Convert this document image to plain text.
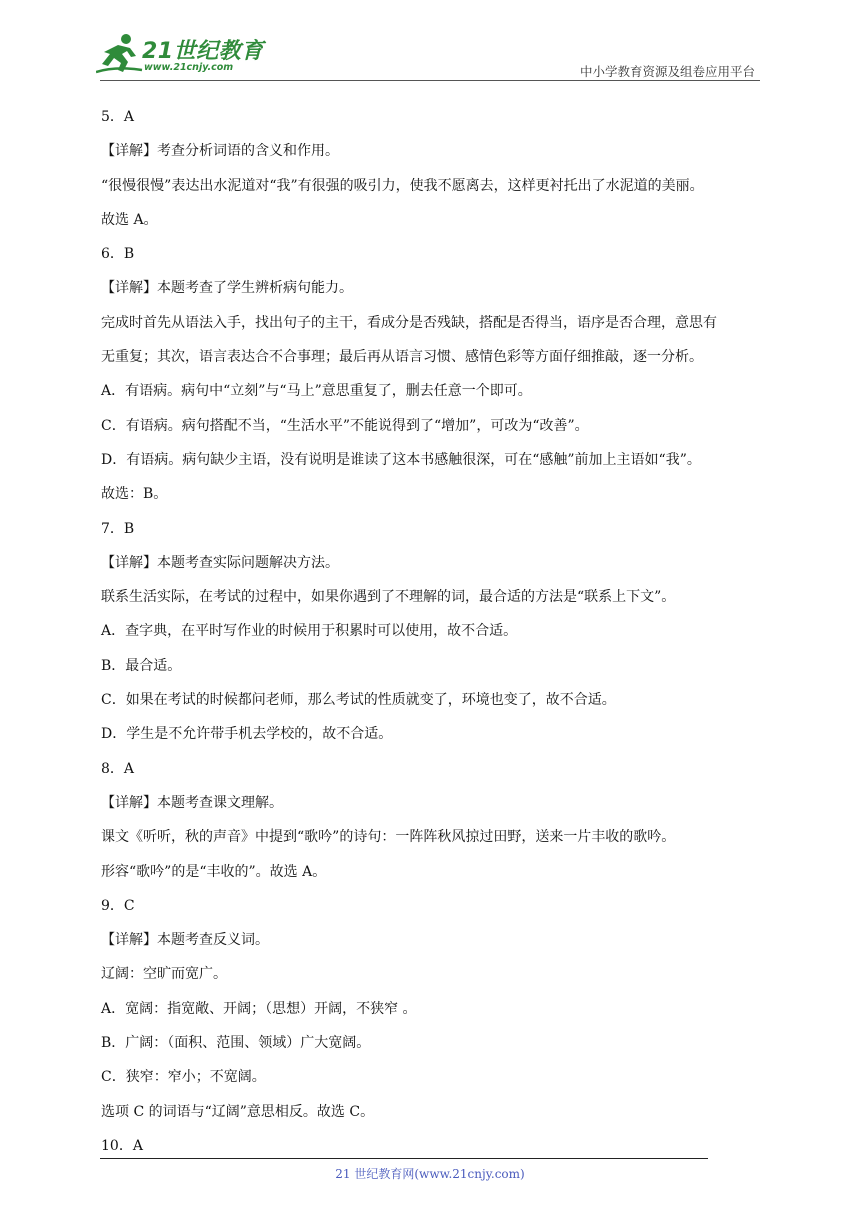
21世纪教育
www.21cnjy.com	中小学教育资源及组卷应用平台
5．A
【详解】考查分析词语的含义和作用。
“很慢很慢”表达出水泥道对“我”有很强的吸引力，使我不愿离去，这样更衬托出了水泥道的美丽。
故选 A。
6．B
【详解】本题考查了学生辨析病句能力。
完成时首先从语法入手，找出句子的主干，看成分是否残缺，搭配是否得当，语序是否合理，意思有
无重复；其次，语言表达合不合事理；最后再从语言习惯、感情色彩等方面仔细推敲，逐一分析。
A．有语病。病句中“立刻”与“马上”意思重复了，删去任意一个即可。
C．有语病。病句搭配不当，“生活水平”不能说得到了“增加”，可改为“改善”。
D．有语病。病句缺少主语，没有说明是谁读了这本书感触很深，可在“感触”前加上主语如“我”。
故选：B。
7．B
【详解】本题考查实际问题解决方法。
联系生活实际，在考试的过程中，如果你遇到了不理解的词，最合适的方法是“联系上下文”。
A．查字典，在平时写作业的时候用于积累时可以使用，故不合适。
B．最合适。
C．如果在考试的时候都问老师，那么考试的性质就变了，环境也变了，故不合适。
D．学生是不允许带手机去学校的，故不合适。
8．A
【详解】本题考查课文理解。
课文《听听，秋的声音》中提到“歌吟”的诗句：一阵阵秋风掠过田野，送来一片丰收的歌吟。
形容“歌吟”的是“丰收的”。故选 A。
9．C
【详解】本题考查反义词。
辽阔：空旷而宽广。
A．宽阔：指宽敞、开阔；（思想）开阔，不狭窄 。
B．广阔：（面积、范围、领域）广大宽阔。
C．狭窄：窄小；不宽阔。
选项 C 的词语与“辽阔”意思相反。故选 C。
10．A
21 世纪教育网(www.21cnjy.com)
